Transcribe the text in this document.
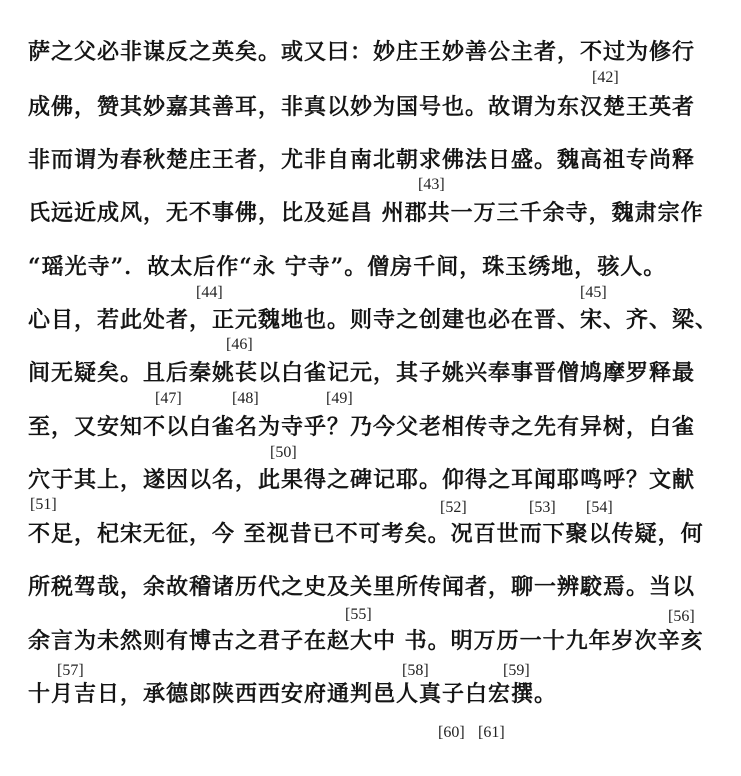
萨之父必非谋反之英矣。或又曰：妙庄王妙善公主者，不过为修行
成佛，赞其妙嘉其善耳，非真以妙为国号也。故谓为东汉楚王英者
非而谓为春秋楚庄王者，尤非自南北朝求佛法日盛。魏高祖专尚释
氏远近成风，无不事佛，比及延昌 州郡共一万三千余寺，魏肃宗作
“瑶光寺”．故太后作“永 宁寺”。僧房千间，珠玉绣地，骇人。
心目，若此处者，正元魏地也。则寺之创建也必在晋、宋、齐、梁、
间无疑矣。且后秦姚苌以白雀记元，其子姚兴奉事晋僧鸠摩罗释最
至，又安知不以白雀名为寺乎？乃今父老相传寺之先有异树，白雀
穴于其上，遂因以名，此果得之碑记耶。仰得之耳闻耶鸣呼？文献
不足，杞宋无征，今 至视昔已不可考矣。况百世而下聚以传疑，何
所税驾哉，余故稽诸历代之史及关里所传闻者，聊一辨駮焉。当以
余言为未然则有博古之君子在赵大中 书。明万历一十九年岁次辛亥
十月吉日，承德郎陕西西安府通判邑人真子白宏撰。
[42]
[43]
[44]	[45]
[46]
[47]	[48]	[49]
[50]
[51]	[52]	[53] [54]
[55]	[56]
[57]	[58]	[59]
[60] [61]
